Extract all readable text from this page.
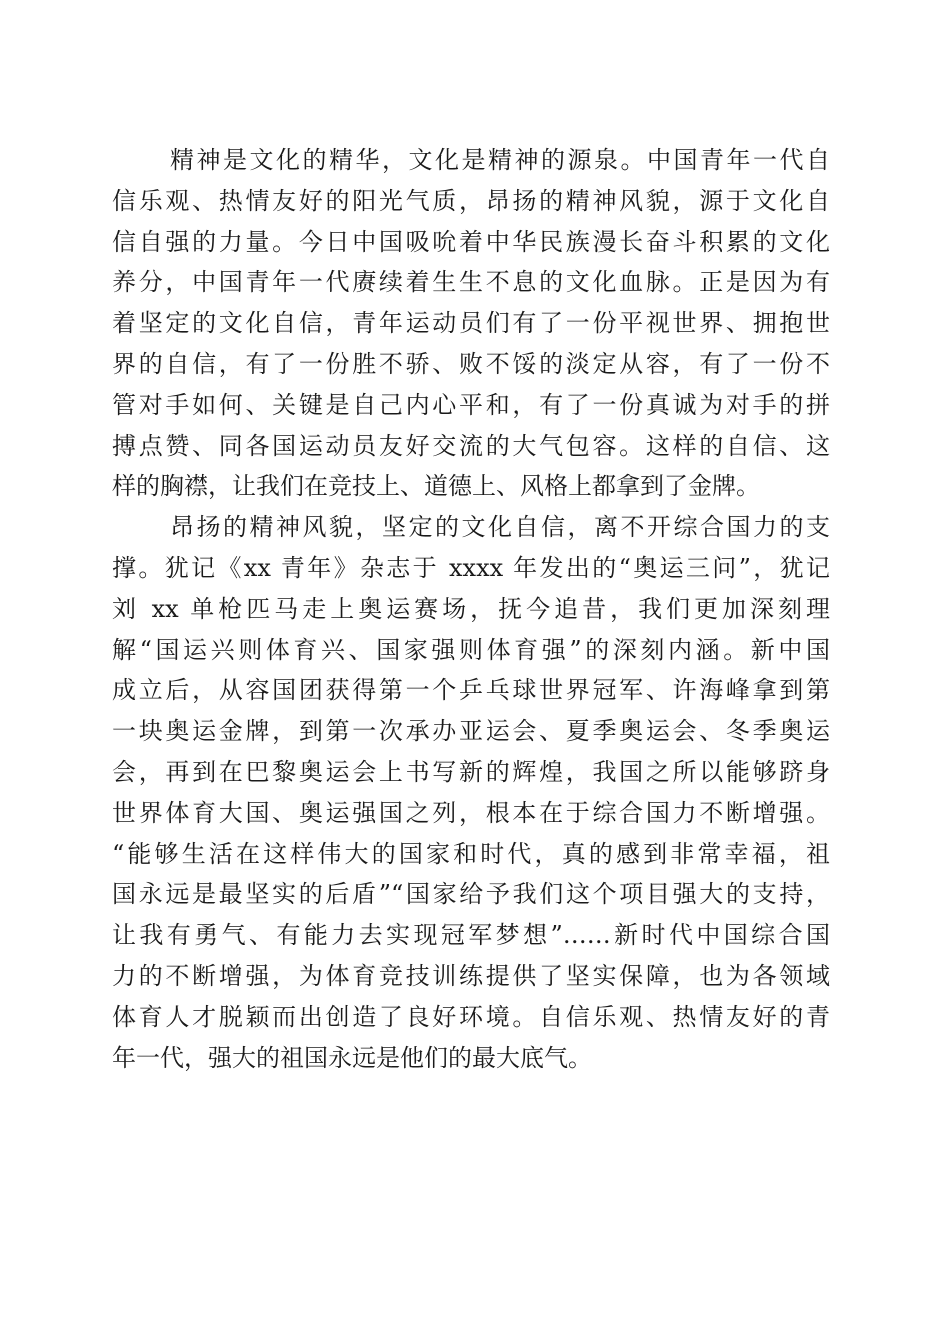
精神是文化的精华，文化是精神的源泉。中国青年一代自
信乐观、热情友好的阳光气质，昂扬的精神风貌，源于文化自
信自强的力量。今日中国吸吮着中华民族漫长奋斗积累的文化
养分，中国青年一代赓续着生生不息的文化血脉。正是因为有
着坚定的文化自信，青年运动员们有了一份平视世界、拥抱世
界的自信，有了一份胜不骄、败不馁的淡定从容，有了一份不
管对手如何、关键是自己内心平和，有了一份真诚为对手的拼
搏点赞、同各国运动员友好交流的大气包容。这样的自信、这
样的胸襟，让我们在竞技上、道德上、风格上都拿到了金牌。
昂扬的精神风貌，坚定的文化自信，离不开综合国力的支
撑。犹记《xx 青年》杂志于 xxxx 年发出的“奥运三问”，犹记
刘 xx 单枪匹马走上奥运赛场，抚今追昔，我们更加深刻理
解“国运兴则体育兴、国家强则体育强”的深刻内涵。新中国
成立后，从容国团获得第一个乒乓球世界冠军、许海峰拿到第
一块奥运金牌，到第一次承办亚运会、夏季奥运会、冬季奥运
会，再到在巴黎奥运会上书写新的辉煌，我国之所以能够跻身
世界体育大国、奥运强国之列，根本在于综合国力不断增强。
“能够生活在这样伟大的国家和时代，真的感到非常幸福，祖
国永远是最坚实的后盾”“国家给予我们这个项目强大的支持，
让我有勇气、有能力去实现冠军梦想”……新时代中国综合国
力的不断增强，为体育竞技训练提供了坚实保障，也为各领域
体育人才脱颖而出创造了良好环境。自信乐观、热情友好的青
年一代，强大的祖国永远是他们的最大底气。
